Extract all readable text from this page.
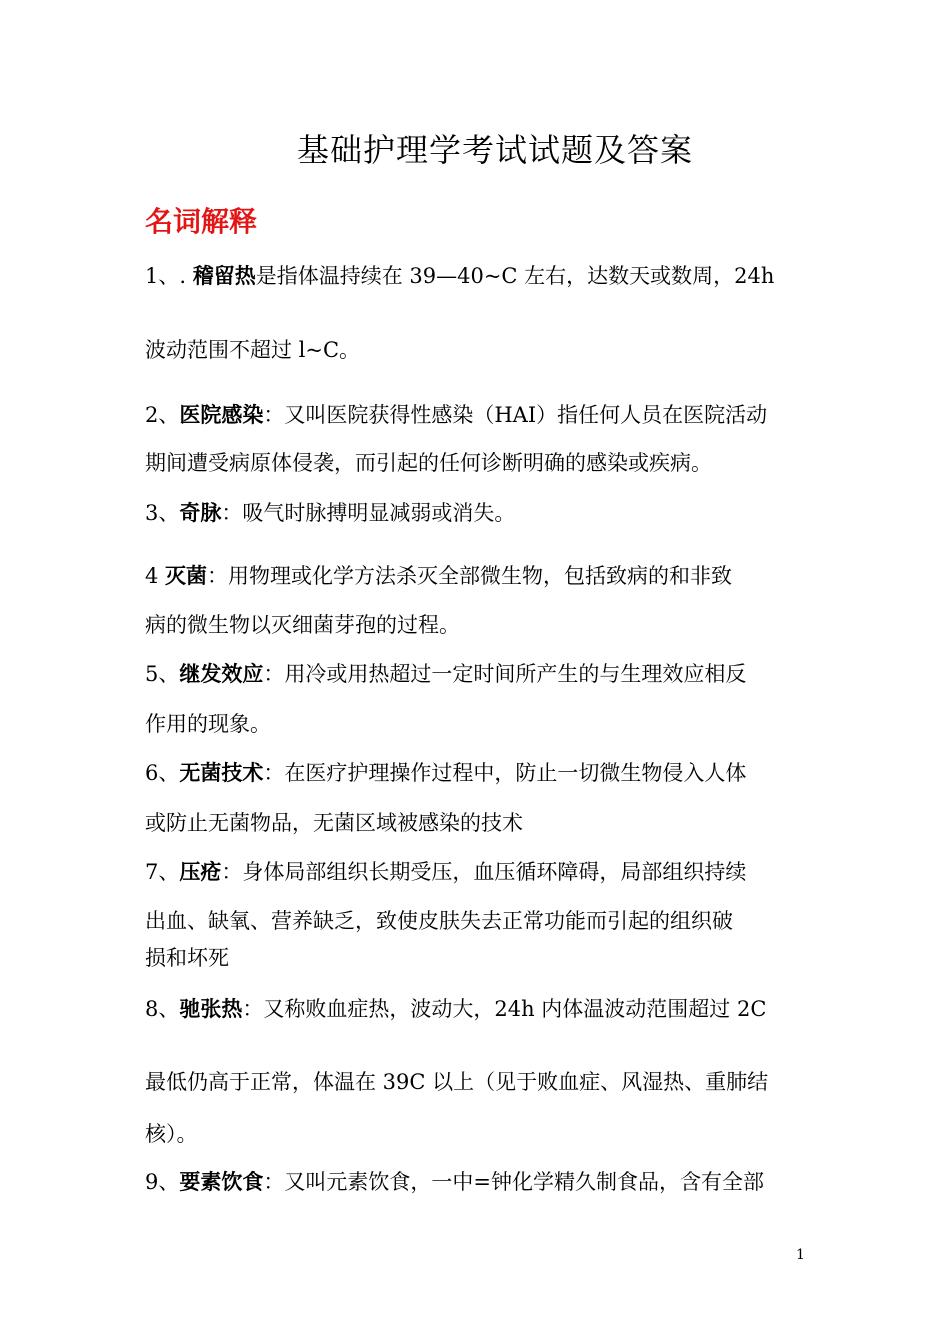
基础护理学考试试题及答案
名词解释
1、. 稽留热是指体温持续在 39—40~C 左右，达数天或数周，24h
波动范围不超过 l~C。
2、医院感染：又叫医院获得性感染（HAI）指任何人员在医院活动
期间遭受病原体侵袭，而引起的任何诊断明确的感染或疾病。
3、奇脉：吸气时脉搏明显减弱或消失。
4 灭菌：用物理或化学方法杀灭全部微生物，包括致病的和非致
病的微生物以灭细菌芽孢的过程。
5、继发效应：用冷或用热超过一定时间所产生的与生理效应相反
作用的现象。
6、无菌技术：在医疗护理操作过程中，防止一切微生物侵入人体
或防止无菌物品，无菌区域被感染的技术
7、压疮：身体局部组织长期受压，血压循环障碍，局部组织持续
出血、缺氧、营养缺乏，致使皮肤失去正常功能而引起的组织破
损和坏死
8、驰张热：又称败血症热，波动大，24h 内体温波动范围超过 2C
最低仍高于正常，体温在 39C 以上（见于败血症、风湿热、重肺结
核）。
9、要素饮食：又叫元素饮食，一中=钟化学精久制食品，含有全部
1
